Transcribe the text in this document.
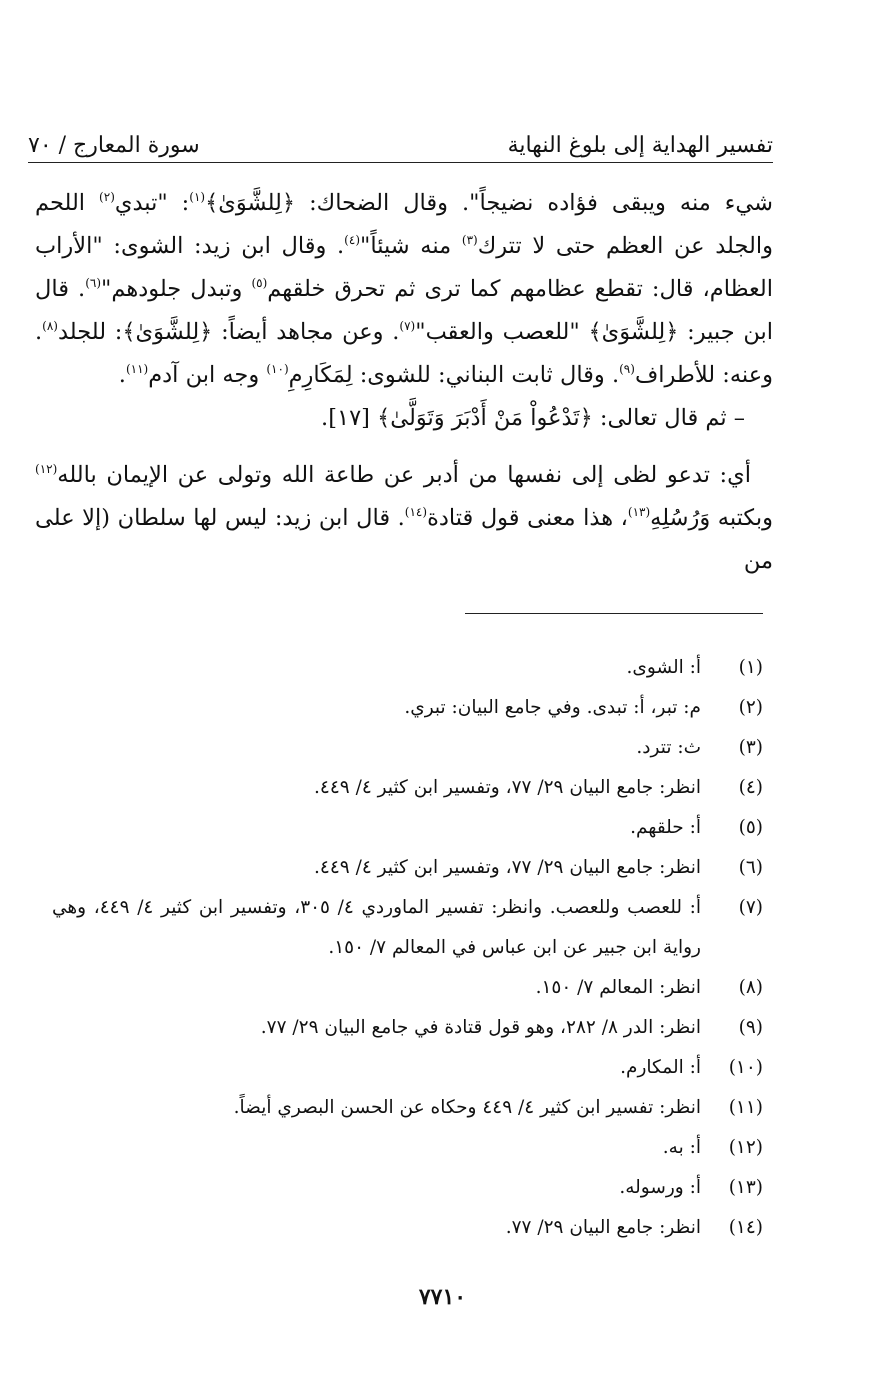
تفسير الهداية إلى بلوغ النهاية
سورة المعارج / ٧٠

شيء منه ويبقى فؤاده نضيجاً". وقال الضحاك: ﴿لِلشَّوَىٰ﴾$^{(١)}$: "تبدي$^{(٢)}$ اللحم والجلد عن العظم حتى لا تترك$^{(٣)}$ منه شيئاً"$^{(٤)}$. وقال ابن زيد: الشوى: "الأراب العظام، قال: تقطع عظامهم كما ترى ثم تحرق خلقهم$^{(٥)}$ وتبدل جلودهم"$^{(٦)}$. قال ابن جبير: ﴿لِلشَّوَىٰ﴾ "للعصب والعقب"$^{(٧)}$. وعن مجاهد أيضاً: ﴿لِلشَّوَىٰ﴾: للجلد$^{(٨)}$. وعنه: للأطراف$^{(٩)}$. وقال ثابت البناني: للشوى: لِمَكَارِمِ$^{(١٠)}$ وجه ابن آدم$^{(١١)}$.

– ثم قال تعالى: ﴿تَدْعُواْ مَنْ أَدْبَرَ وَتَوَلَّىٰ﴾ [١٧].

أي: تدعو لظى إلى نفسها من أدبر عن طاعة الله وتولى عن الإيمان بالله$^{(١٢)}$ وبكتبه وَرُسُلِهِ$^{(١٣)}$، هذا معنى قول قتادة$^{(١٤)}$. قال ابن زيد: ليس لها سلطان (إلا على من

(١)
أ: الشوى.
(٢)
م: تبر، أ: تبدى. وفي جامع البيان: تبري.
(٣)
ث: تترد.
(٤)
انظر: جامع البيان ٢٩/ ٧٧، وتفسير ابن كثير ٤/ ٤٤٩.
(٥)
أ: حلقهم.
(٦)
انظر: جامع البيان ٢٩/ ٧٧، وتفسير ابن كثير ٤/ ٤٤٩.
(٧)
أ: للعصب وللعصب. وانظر: تفسير الماوردي ٤/ ٣٠٥، وتفسير ابن كثير ٤/ ٤٤٩، وهي رواية ابن جبير عن ابن عباس في المعالم ٧/ ١٥٠.
(٨)
انظر: المعالم ٧/ ١٥٠.
(٩)
انظر: الدر ٨/ ٢٨٢، وهو قول قتادة في جامع البيان ٢٩/ ٧٧.
(١٠)
أ: المكارم.
(١١)
انظر: تفسير ابن كثير ٤/ ٤٤٩ وحكاه عن الحسن البصري أيضاً.
(١٢)
أ: به.
(١٣)
أ: ورسوله.
(١٤)
انظر: جامع البيان ٢٩/ ٧٧.
٧٧١٠
